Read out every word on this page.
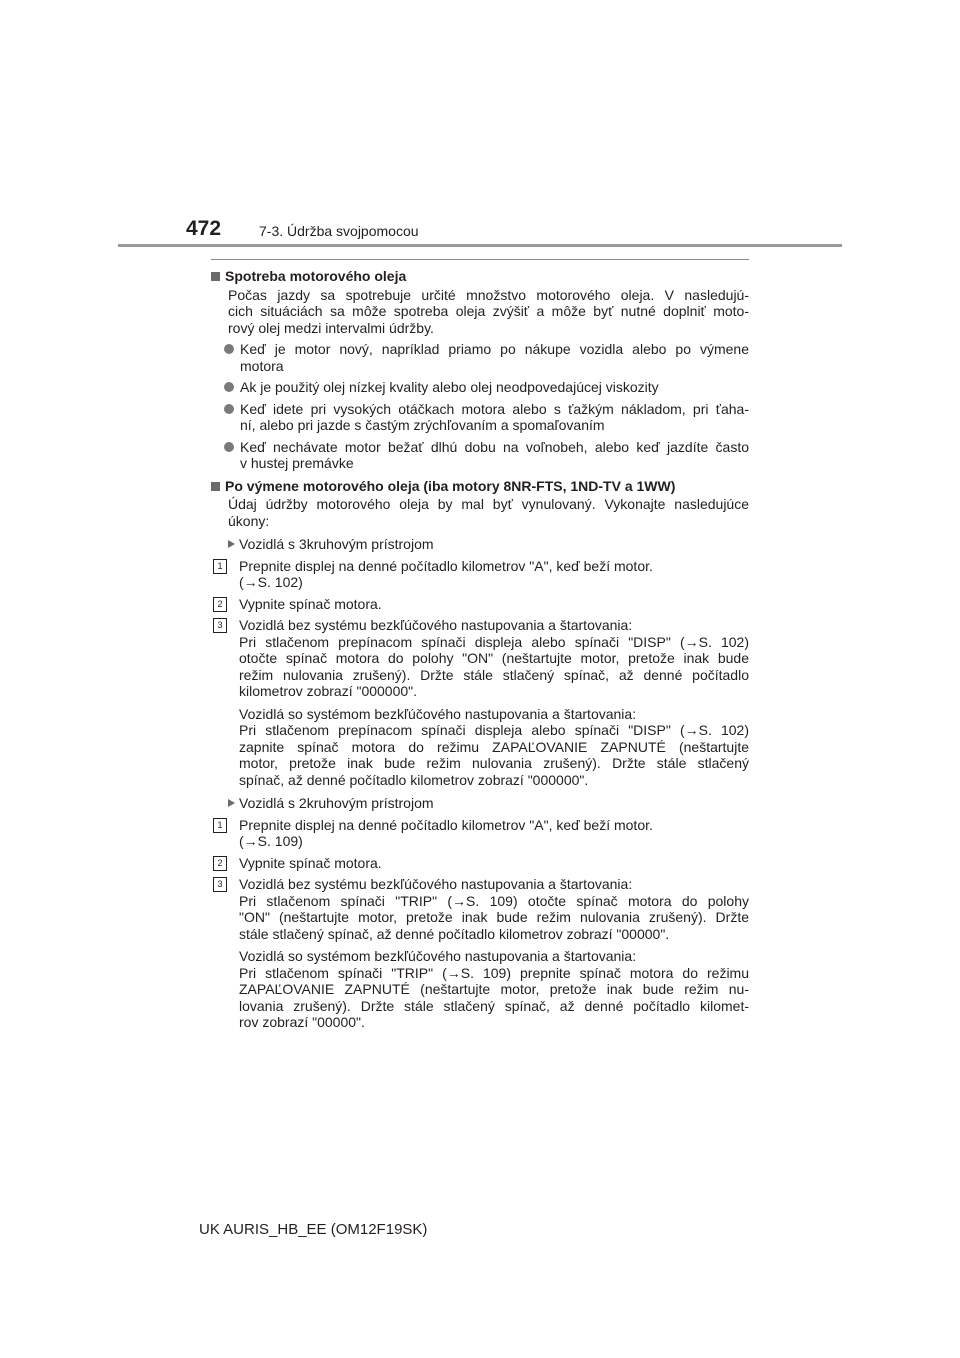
472	7-3. Údržba svojpomocou
Spotreba motorového oleja
Počas jazdy sa spotrebuje určité množstvo motorového oleja. V nasledujú-
cich situáciách sa môže spotreba oleja zvýšiť a môže byť nutné doplniť moto-
rový olej medzi intervalmi údržby.
Keď je motor nový, napríklad priamo po nákupe vozidla alebo po výmene
motora
Ak je použitý olej nízkej kvality alebo olej neodpovedajúcej viskozity
Keď idete pri vysokých otáčkach motora alebo s ťažkým nákladom, pri ťaha-
ní, alebo pri jazde s častým zrýchľovaním a spomaľovaním
Keď nechávate motor bežať dlhú dobu na voľnobeh, alebo keď jazdíte často
v hustej premávke
Po výmene motorového oleja (iba motory 8NR-FTS, 1ND-TV a 1WW)
Údaj údržby motorového oleja by mal byť vynulovaný. Vykonajte nasledujúce
úkony:
Vozidlá s 3kruhovým prístrojom
1	Prepnite displej na denné počítadlo kilometrov "A", keď beží motor.
(→S. 102)
2	Vypnite spínač motora.
3	Vozidlá bez systému bezkľúčového nastupovania a štartovania:
Pri stlačenom prepínacom spínači displeja alebo spínači "DISP" (→S. 102)
otočte spínač motora do polohy "ON" (neštartujte motor, pretože inak bude
režim nulovania zrušený). Držte stále stlačený spínač, až denné počítadlo
kilometrov zobrazí "000000".
Vozidlá so systémom bezkľúčového nastupovania a štartovania:
Pri stlačenom prepínacom spínači displeja alebo spínači "DISP" (→S. 102)
zapnite spínač motora do režimu ZAPAĽOVANIE ZAPNUTÉ (neštartujte
motor, pretože inak bude režim nulovania zrušený). Držte stále stlačený
spínač, až denné počítadlo kilometrov zobrazí "000000".
Vozidlá s 2kruhovým prístrojom
1	Prepnite displej na denné počítadlo kilometrov "A", keď beží motor.
(→S. 109)
2	Vypnite spínač motora.
3	Vozidlá bez systému bezkľúčového nastupovania a štartovania:
Pri stlačenom spínači "TRIP" (→S. 109) otočte spínač motora do polohy
"ON" (neštartujte motor, pretože inak bude režim nulovania zrušený). Držte
stále stlačený spínač, až denné počítadlo kilometrov zobrazí "00000".
Vozidlá so systémom bezkľúčového nastupovania a štartovania:
Pri stlačenom spínači "TRIP" (→S. 109) prepnite spínač motora do režimu
ZAPAĽOVANIE ZAPNUTÉ (neštartujte motor, pretože inak bude režim nu-
lovania zrušený). Držte stále stlačený spínač, až denné počítadlo kilomet-
rov zobrazí "00000".
UK AURIS_HB_EE (OM12F19SK)
